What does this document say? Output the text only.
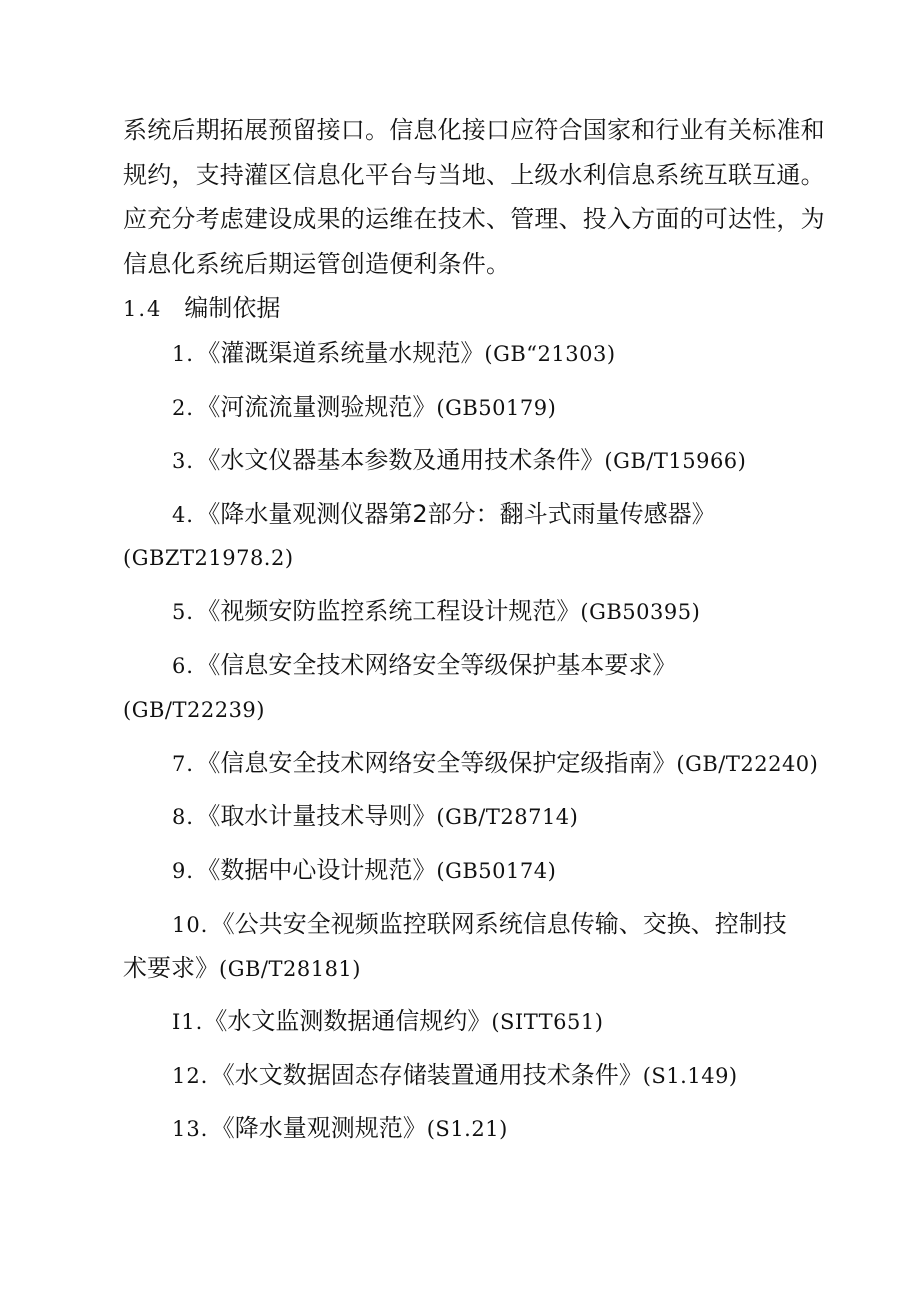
系统后期拓展预留接口。信息化接口应符合国家和行业有关标准和
规约，支持灌区信息化平台与当地、上级水利信息系统互联互通。
应充分考虑建设成果的运维在技术、管理、投入方面的可达性，为
信息化系统后期运管创造便利条件。
1.4 编制依据
1．《灌溉渠道系统量水规范》(GB“21303)
2．《河流流量测验规范》(GB50179)
3．《水文仪器基本参数及通用技术条件》(GB/T15966)
4．《降水量观测仪器第2部分：翻斗式雨量传感器》
(GBZT21978.2)
5．《视频安防监控系统工程设计规范》(GB50395)
6．《信息安全技术网络安全等级保护基本要求》
(GB/T22239)
7．《信息安全技术网络安全等级保护定级指南》(GB/T22240)
8．《取水计量技术导则》(GB/T28714)
9．《数据中心设计规范》(GB50174)
10．《公共安全视频监控联网系统信息传输、交换、控制技
术要求》(GB/T28181)
I1.《水文监测数据通信规约》(SITT651)
12．《水文数据固态存储装置通用技术条件》(S1.149)
13．《降水量观测规范》(S1.21)
